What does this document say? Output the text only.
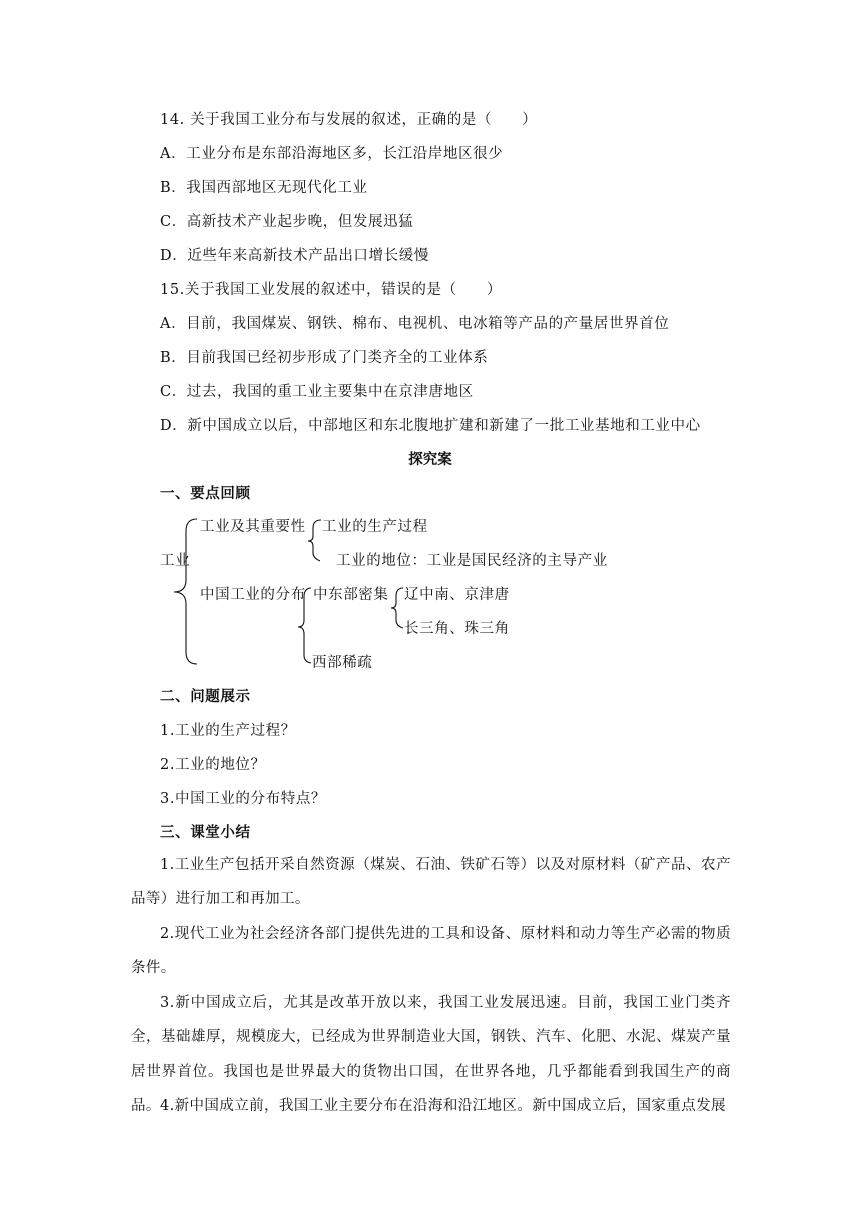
14. 关于我国工业分布与发展的叙述，正确的是（　　）
A．工业分布是东部沿海地区多，长江沿岸地区很少
B．我国西部地区无现代化工业
C．高新技术产业起步晚，但发展迅猛
D．近些年来高新技术产品出口增长缓慢
15.关于我国工业发展的叙述中，错误的是（　　）
A．目前，我国煤炭、钢铁、棉布、电视机、电冰箱等产品的产量居世界首位
B．目前我国已经初步形成了门类齐全的工业体系
C．过去，我国的重工业主要集中在京津唐地区
D．新中国成立以后，中部地区和东北腹地扩建和新建了一批工业基地和工业中心
探究案
一、要点回顾
工业
工业及其重要性 工业的生产过程
工业的地位：工业是国民经济的主导产业
中国工业的分布 中东部密集 辽中南、京津唐
长三角、珠三角
西部稀疏
二、问题展示
1.工业的生产过程？
2.工业的地位？
3.中国工业的分布特点？
三、课堂小结
1.工业生产包括开采自然资源（煤炭、石油、铁矿石等）以及对原材料（矿产品、农产品等）进行加工和再加工。
2.现代工业为社会经济各部门提供先进的工具和设备、原材料和动力等生产必需的物质条件。
3.新中国成立后，尤其是改革开放以来，我国工业发展迅速。目前，我国工业门类齐全，基础雄厚，规模庞大，已经成为世界制造业大国，钢铁、汽车、化肥、水泥、煤炭产量居世界首位。我国也是世界最大的货物出口国，在世界各地，几乎都能看到我国生产的商品。 4.新中国成立前，我国工业主要分布在沿海和沿江地区。新中国成立后，国家重点发展
